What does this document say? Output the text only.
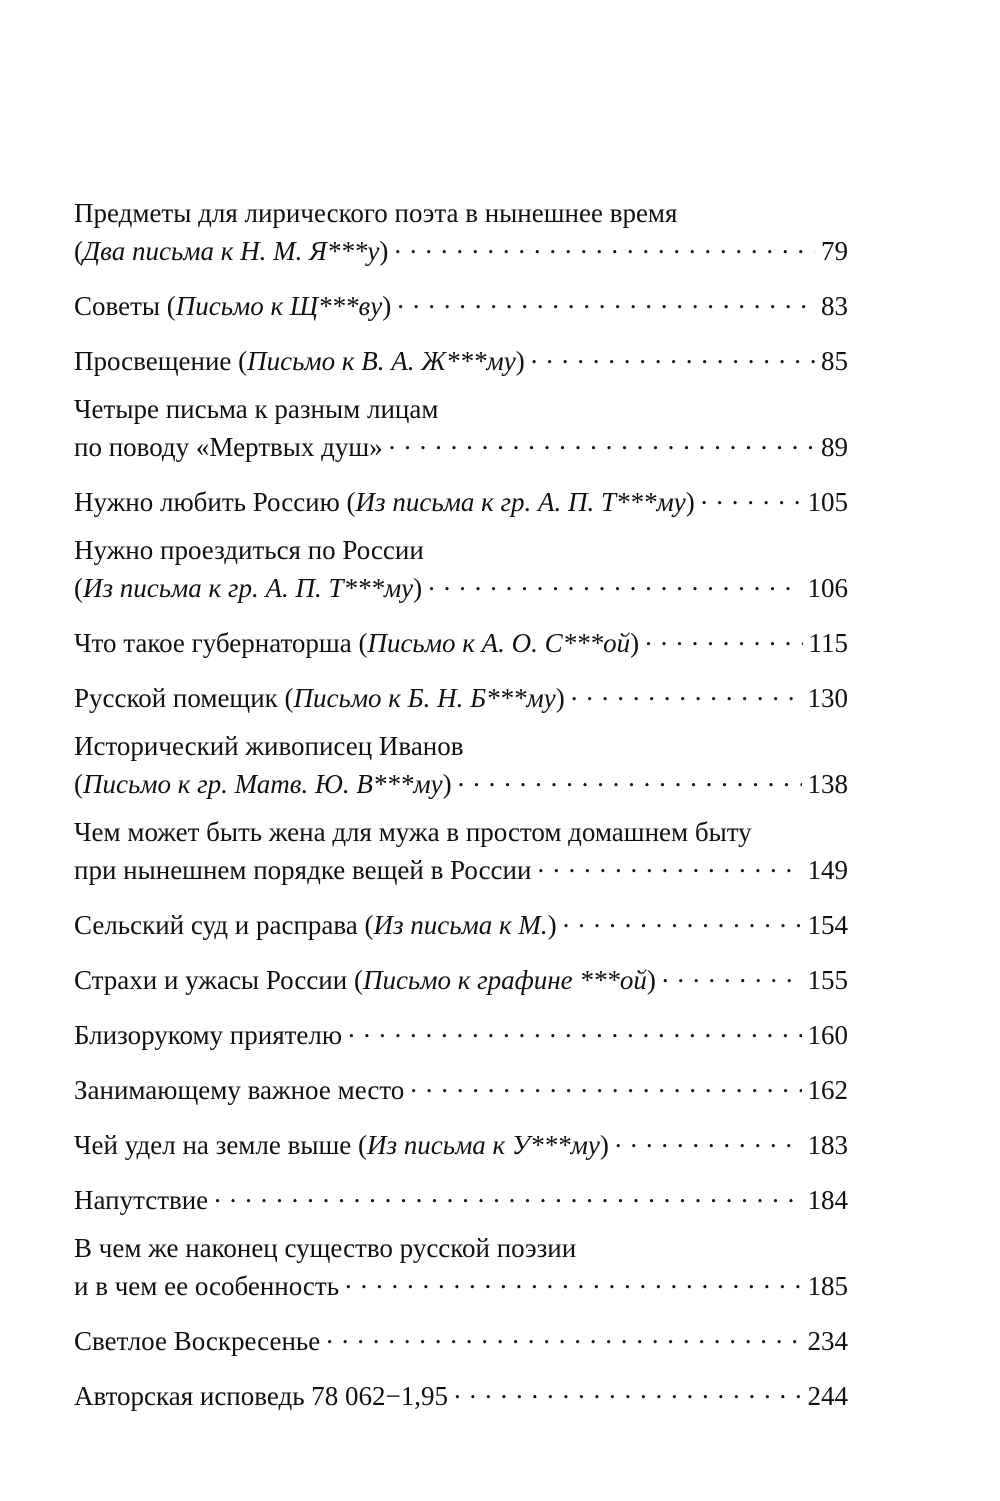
Предметы для лирического поэта в нынешнее время
(Два письма к Н. М. Я***у) . . .	79
Советы (Письмо к Щ***ву) . . .	83
Просвещение (Письмо к В. А. Ж***му) . . .	85
Четыре письма к разным лицам
по поводу «Мертвых душ» . . .	89
Нужно любить Россию (Из письма к гр. А. П. Т***му) . . .	105
Нужно проездиться по России
(Из письма к гр. А. П. Т***му) . . .	106
Что такое губернаторша (Письмо к А. О. С***ой) . . .	115
Русской помещик (Письмо к Б. Н. Б***му) . . .	130
Исторический живописец Иванов
(Письмо к гр. Матв. Ю. В***му) . . .	138
Чем может быть жена для мужа в простом домашнем быту
при нынешнем порядке вещей в России . . .	149
Сельский суд и расправа (Из письма к М.) . . .	154
Страхи и ужасы России (Письмо к графине ***ой) . . .	155
Близорукому приятелю . . .	160
Занимающему важное место . . .	162
Чей удел на земле выше (Из письма к У***му) . . .	183
Напутствие . . .	184
В чем же наконец существо русской поэзии
и в чем ее особенность . . .	185
Светлое Воскресенье . . .	234
Авторская исповедь 78 062−1,95 . . .	244
